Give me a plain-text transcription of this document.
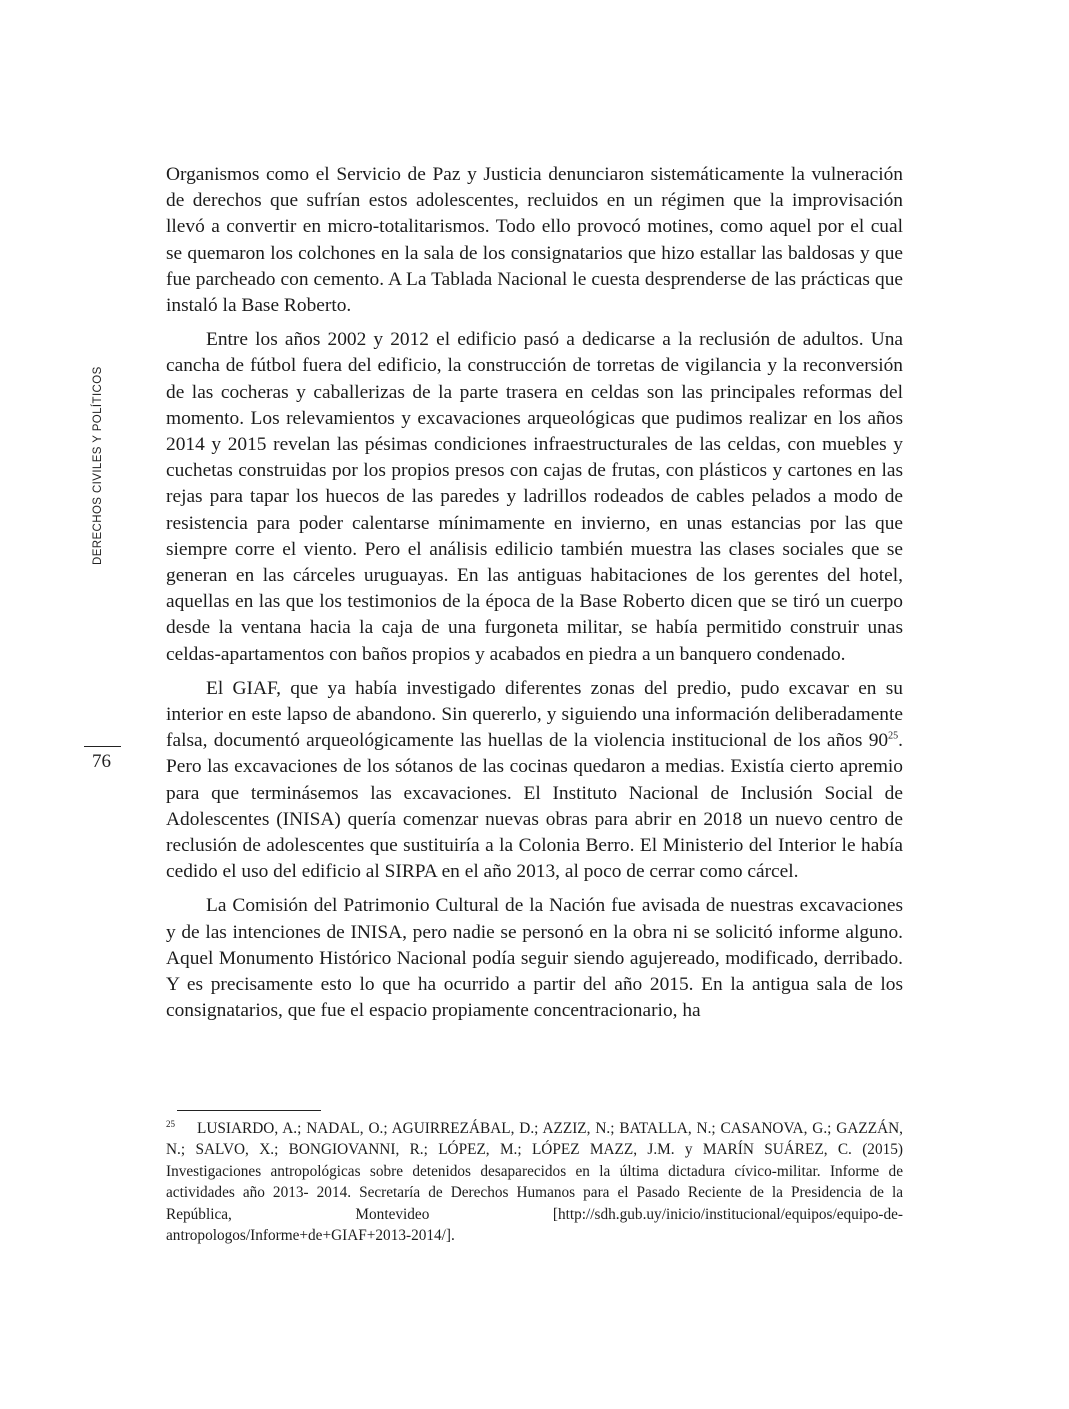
DERECHOS CIVILES Y POLÍTICOS
76

Organismos como el Servicio de Paz y Justicia denunciaron sistemáticamente la vulneración de derechos que sufrían estos adolescentes, recluidos en un régimen que la improvisación llevó a convertir en micro-totalitarismos. Todo ello provocó motines, como aquel por el cual se quemaron los colchones en la sala de los consignatarios que hizo estallar las baldosas y que fue parcheado con cemento. A La Tablada Nacional le cuesta desprenderse de las prácticas que instaló la Base Roberto.

Entre los años 2002 y 2012 el edificio pasó a dedicarse a la reclusión de adultos. Una cancha de fútbol fuera del edificio, la construcción de torretas de vigilancia y la reconversión de las cocheras y caballerizas de la parte trasera en celdas son las principales reformas del momento. Los relevamientos y excavaciones arqueológicas que pudimos realizar en los años 2014 y 2015 revelan las pésimas condiciones infraestructurales de las celdas, con muebles y cuchetas construidas por los propios presos con cajas de frutas, con plásticos y cartones en las rejas para tapar los huecos de las paredes y ladrillos rodeados de cables pelados a modo de resistencia para poder calentarse mínimamente en invierno, en unas estancias por las que siempre corre el viento. Pero el análisis edilicio también muestra las clases sociales que se generan en las cárceles uruguayas. En las antiguas habitaciones de los gerentes del hotel, aquellas en las que los testimonios de la época de la Base Roberto dicen que se tiró un cuerpo desde la ventana hacia la caja de una furgoneta militar, se había permitido construir unas celdas-apartamentos con baños propios y acabados en piedra a un banquero condenado.

El GIAF, que ya había investigado diferentes zonas del predio, pudo excavar en su interior en este lapso de abandono. Sin quererlo, y siguiendo una información deliberadamente falsa, documentó arqueológicamente las huellas de la violencia institucional de los años 90$^{25}$. Pero las excavaciones de los sótanos de las cocinas quedaron a medias. Existía cierto apremio para que terminásemos las excavaciones. El Instituto Nacional de Inclusión Social de Adolescentes (INISA) quería comenzar nuevas obras para abrir en 2018 un nuevo centro de reclusión de adolescentes que sustituiría a la Colonia Berro. El Ministerio del Interior le había cedido el uso del edificio al SIRPA en el año 2013, al poco de cerrar como cárcel.

La Comisión del Patrimonio Cultural de la Nación fue avisada de nuestras excavaciones y de las intenciones de INISA, pero nadie se personó en la obra ni se solicitó informe alguno. Aquel Monumento Histórico Nacional podía seguir siendo agujereado, modificado, derribado. Y es precisamente esto lo que ha ocurrido a partir del año 2015. En la antigua sala de los consignatarios, que fue el espacio propiamente concentracionario, ha

$^{25}$ LUSIARDO, A.; NADAL, O.; AGUIRREZÁBAL, D.; AZZIZ, N.; BATALLA, N.; CASANOVA, G.; GAZZÁN, N.; SALVO, X.; BONGIOVANNI, R.; LÓPEZ, M.; LÓPEZ MAZZ, J.M. y MARÍN SUÁREZ, C. (2015) Investigaciones antropológicas sobre detenidos desaparecidos en la última dictadura cívico-militar. Informe de actividades año 2013- 2014. Secretaría de Derechos Humanos para el Pasado Reciente de la Presidencia de la República, Montevideo [http://sdh.gub.uy/inicio/institucional/equipos/equipo-de-antropologos/Informe+de+GIAF+2013-2014/].
